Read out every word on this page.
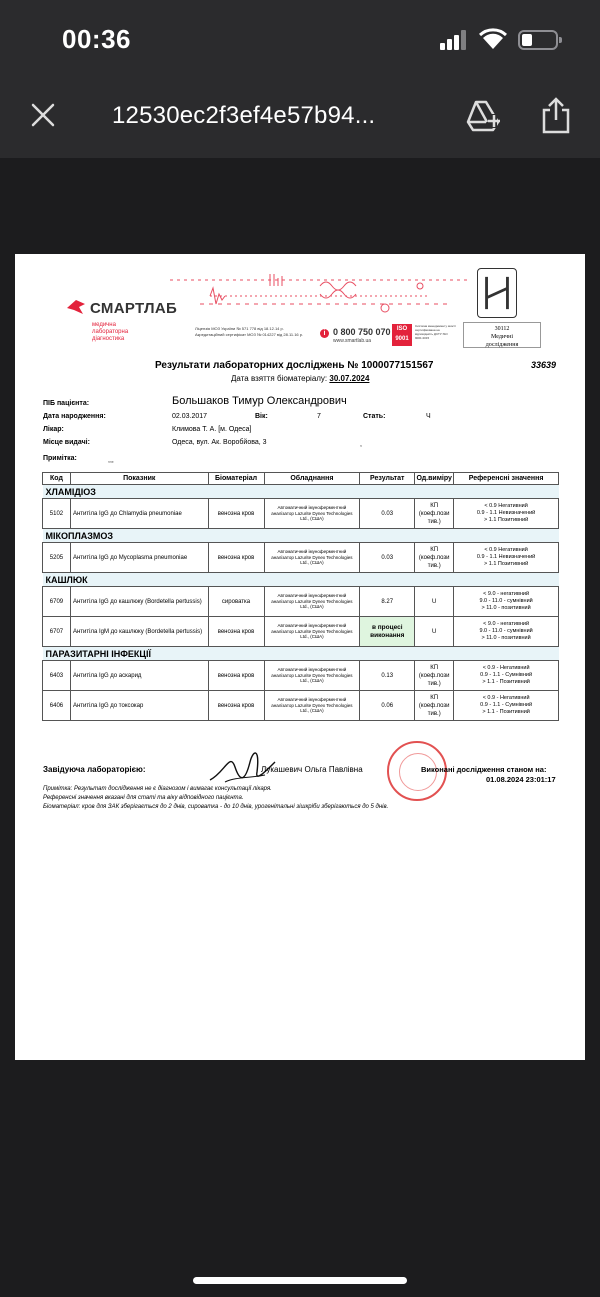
00:36
12530ec2f3ef4e57b94...
СМАРТЛАБ
медична лабораторна діагностика
Ліцензія МОЗ України № 571 778 від 18.12.14 р. Акредитаційний сертифікат МОЗ № 014227 від 28.11.16 р.	i 0 800 750 070
www.smartlab.ua
ISO 9001
Система менеджменту якості сертифікована на відповідність ДСТУ ISO 9001:2015
30112
Медичні
дослідження
Результати лабораторних досліджень № 1000077151567	33639
Дата взяття біоматеріалу: 30.07.2024
ПІБ пацієнта:	Большаков Тимур Олександрович
Дата народження:	02.03.2017	Вік:	7	Стать:	Ч
Лікар:	Климова Т. А. [м. Одеса]
Місце видачі:	Одеса, вул. Ак. Воробйова, 3	,
Примітка:	,,,
Код	Показник	Біоматеріал	Обладнання	Результат	Од.виміру	Референсні значення
ХЛАМІДІОЗ						
5102	Антитіла IgG до Chlamydia pneumoniae	венозна кров	Автоматичний імуноферментний аналізатор Lazurite Dynex Technologies Ltd., (США)	0.03	КП (коеф.пози тив.)	< 0.9 Негативний
0.9 - 1.1 Невизначений
> 1.1 Позитивний

МІКОПЛАЗМОЗ						
5205	Антитіла IgG до Mycoplasma pneumoniae	венозна кров	Автоматичний імуноферментний аналізатор Lazurite Dynex Technologies Ltd., (США)	0.03	КП (коеф.пози тив.)	< 0.9 Негативний
0.9 - 1.1 Невизначений
> 1.1 Позитивний

КАШЛЮК						
6709	Антитіла IgG до кашлюку (Bordetella pertussis)	сироватка	Автоматичний імуноферментний аналізатор Lazurite Dynex Technologies Ltd., (США)	8.27	U	< 9.0 - негативний
9.0 - 11.0 - сумнівний
> 11.0 - позитивний

6707	Антитіла IgM до кашлюку (Bordetella pertussis)	венозна кров	Автоматичний імуноферментний аналізатор Lazurite Dynex Technologies Ltd., (США)	в процесі виконання	U	< 9.0 - негативний
9.0 - 11.0 - сумнівний
> 11.0 - позитивний

ПАРАЗИТАРНІ ІНФЕКЦІЇ						
6403	Антитіла IgG до аскарид	венозна кров	Автоматичний імуноферментний аналізатор Lazurite Dynex Technologies Ltd., (США)	0.13	КП (коеф.пози тив.)	< 0.9 - Негативний
0.9 - 1.1 - Сумнівний
> 1.1 - Позитивний

6406	Антитіла IgG до токсокар	венозна кров	Автоматичний імуноферментний аналізатор Lazurite Dynex Technologies Ltd., (США)	0.06	КП (коеф.пози тив.)	< 0.9 - Негативний
0.9 - 1.1 - Сумнівний
> 1.1 - Позитивний
Завідуюча лабораторією:	Лукашевич Ольга Павлівна	Виконані дослідження станом на:
01.08.2024 23:01:17
Примітка: Результат дослідження не є діагнозом і вимагає консультації лікаря.
Референсні значення вказані для статі та віку відповідного пацієнта.
Біоматеріал: кров для ЗАК зберігається до 2 днів, сироватка - до 10 днів, урогенітальні зішкріби зберігаються до 5 днів.
